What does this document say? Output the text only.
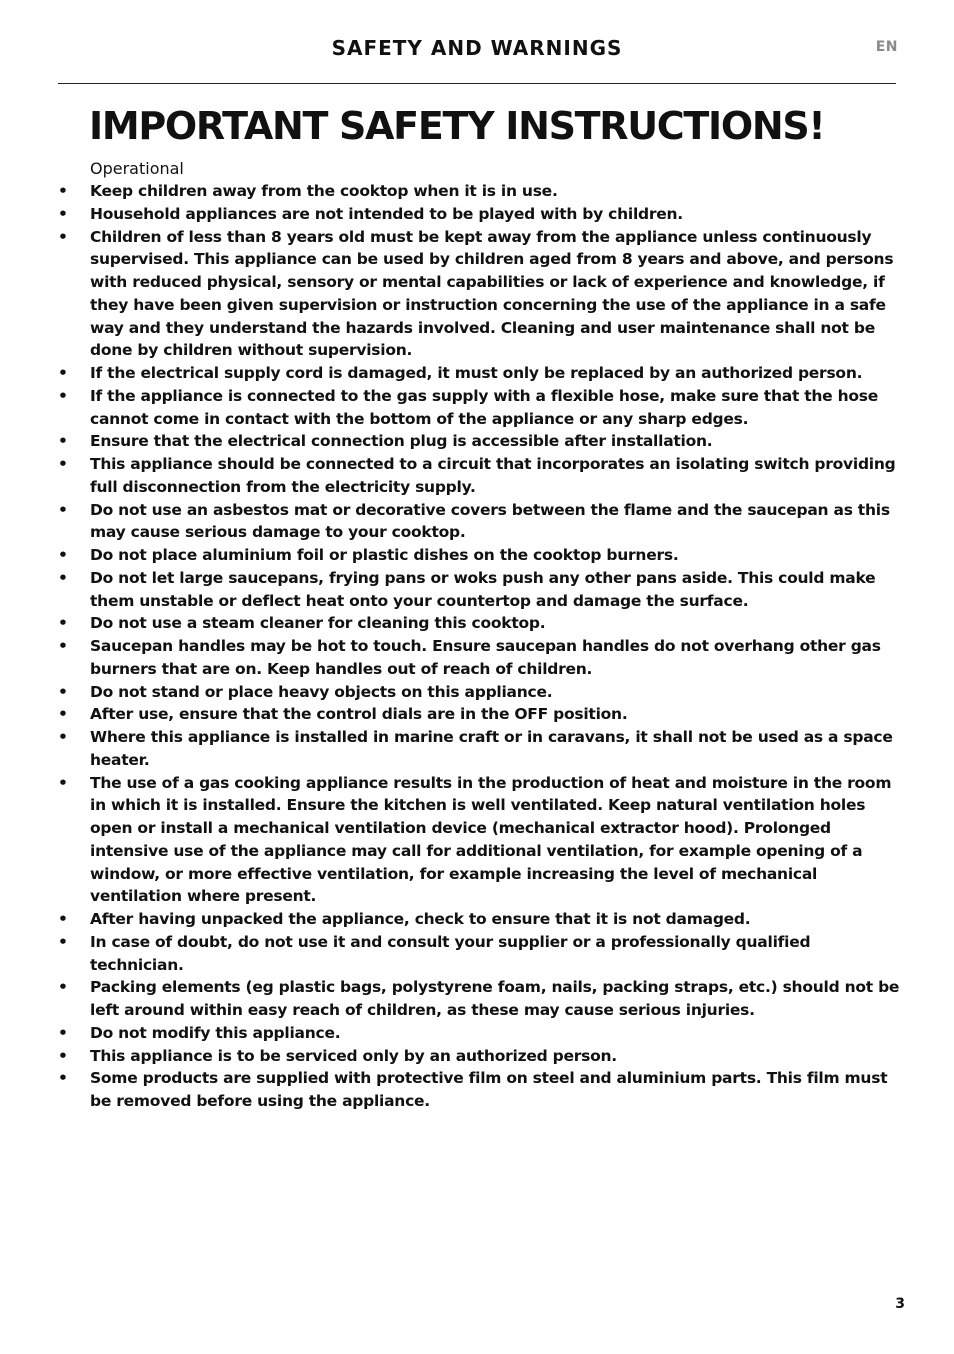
SAFETY AND WARNINGS	EN
IMPORTANT SAFETY INSTRUCTIONS!
Operational
• Keep children away from the cooktop when it is in use.
• Household appliances are not intended to be played with by children.
• Children of less than 8 years old must be kept away from the appliance unless continuously supervised. This appliance can be used by children aged from 8 years and above, and persons with reduced physical, sensory or mental capabilities or lack of experience and knowledge, if they have been given supervision or instruction concerning the use of the appliance in a safe way and they understand the hazards involved. Cleaning and user maintenance shall not be done by children without supervision.
• If the electrical supply cord is damaged, it must only be replaced by an authorized person.
• If the appliance is connected to the gas supply with a flexible hose, make sure that the hose cannot come in contact with the bottom of the appliance or any sharp edges.
• Ensure that the electrical connection plug is accessible after installation.
• This appliance should be connected to a circuit that incorporates an isolating switch providing full disconnection from the electricity supply.
• Do not use an asbestos mat or decorative covers between the flame and the saucepan as this may cause serious damage to your cooktop.
• Do not place aluminium foil or plastic dishes on the cooktop burners.
• Do not let large saucepans, frying pans or woks push any other pans aside. This could make them unstable or deflect heat onto your countertop and damage the surface.
• Do not use a steam cleaner for cleaning this cooktop.
• Saucepan handles may be hot to touch. Ensure saucepan handles do not overhang other gas burners that are on. Keep handles out of reach of children.
• Do not stand or place heavy objects on this appliance.
• After use, ensure that the control dials are in the OFF position.
• Where this appliance is installed in marine craft or in caravans, it shall not be used as a space heater.
• The use of a gas cooking appliance results in the production of heat and moisture in the room in which it is installed. Ensure the kitchen is well ventilated. Keep natural ventilation holes open or install a mechanical ventilation device (mechanical extractor hood). Prolonged intensive use of the appliance may call for additional ventilation, for example opening of a window, or more effective ventilation, for example increasing the level of mechanical ventilation where present.
• After having unpacked the appliance, check to ensure that it is not damaged.
• In case of doubt, do not use it and consult your supplier or a professionally qualified technician.
• Packing elements (eg plastic bags, polystyrene foam, nails, packing straps, etc.) should not be left around within easy reach of children, as these may cause serious injuries.
• Do not modify this appliance.
• This appliance is to be serviced only by an authorized person.
• Some products are supplied with protective film on steel and aluminium parts. This film must be removed before using the appliance.
3
